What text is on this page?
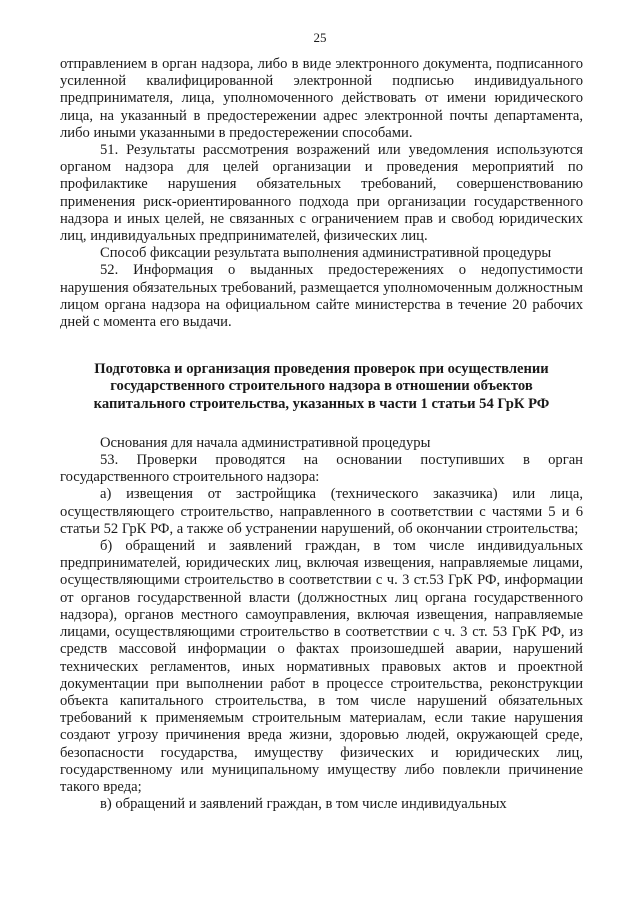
25

отправлением в орган надзора, либо в виде электронного документа, подписанного усиленной квалифицированной электронной подписью индивидуального предпринимателя, лица, уполномоченного действовать от имени юридического лица, на указанный в предостережении адрес электронной почты департамента, либо иными указанными в предостережении способами.

51. Результаты рассмотрения возражений или уведомления используются органом надзора для целей организации и проведения мероприятий по профилактике нарушения обязательных требований, совершенствованию применения риск-ориентированного подхода при организации государственного надзора и иных целей, не связанных с ограничением прав и свобод юридических лиц, индивидуальных предпринимателей, физических лиц.

Способ фиксации результата выполнения административной процедуры

52. Информация о выданных предостережениях о недопустимости нарушения обязательных требований, размещается уполномоченным должностным лицом органа надзора на официальном сайте министерства в течение 20 рабочих дней с момента его выдачи.

Подготовка и организация проведения проверок при осуществлении
государственного строительного надзора в отношении объектов
капитального строительства, указанных в части 1 статьи 54 ГрК РФ

Основания для начала административной процедуры

53. Проверки проводятся на основании поступивших в орган государственного строительного надзора:

а) извещения от застройщика (технического заказчика) или лица, осуществляющего строительство, направленного в соответствии с частями 5 и 6 статьи 52 ГрК РФ, а также об устранении нарушений, об окончании строительства;

б) обращений и заявлений граждан, в том числе индивидуальных предпринимателей, юридических лиц, включая извещения, направляемые лицами, осуществляющими строительство в соответствии с ч. 3 ст.53 ГрК РФ, информации от органов государственной власти (должностных лиц органа государственного надзора), органов местного самоуправления, включая извещения, направляемые лицами, осуществляющими строительство в соответствии с ч. 3 ст. 53 ГрК РФ, из средств массовой информации о фактах произошедшей аварии, нарушений технических регламентов, иных нормативных правовых актов и проектной документации при выполнении работ в процессе строительства, реконструкции объекта капитального строительства, в том числе нарушений обязательных требований к применяемым строительным материалам, если такие нарушения создают угрозу причинения вреда жизни, здоровью людей, окружающей среде, безопасности государства, имуществу физических и юридических лиц, государственному или муниципальному имуществу либо повлекли причинение такого вреда;

в) обращений и заявлений граждан, в том числе индивидуальных
